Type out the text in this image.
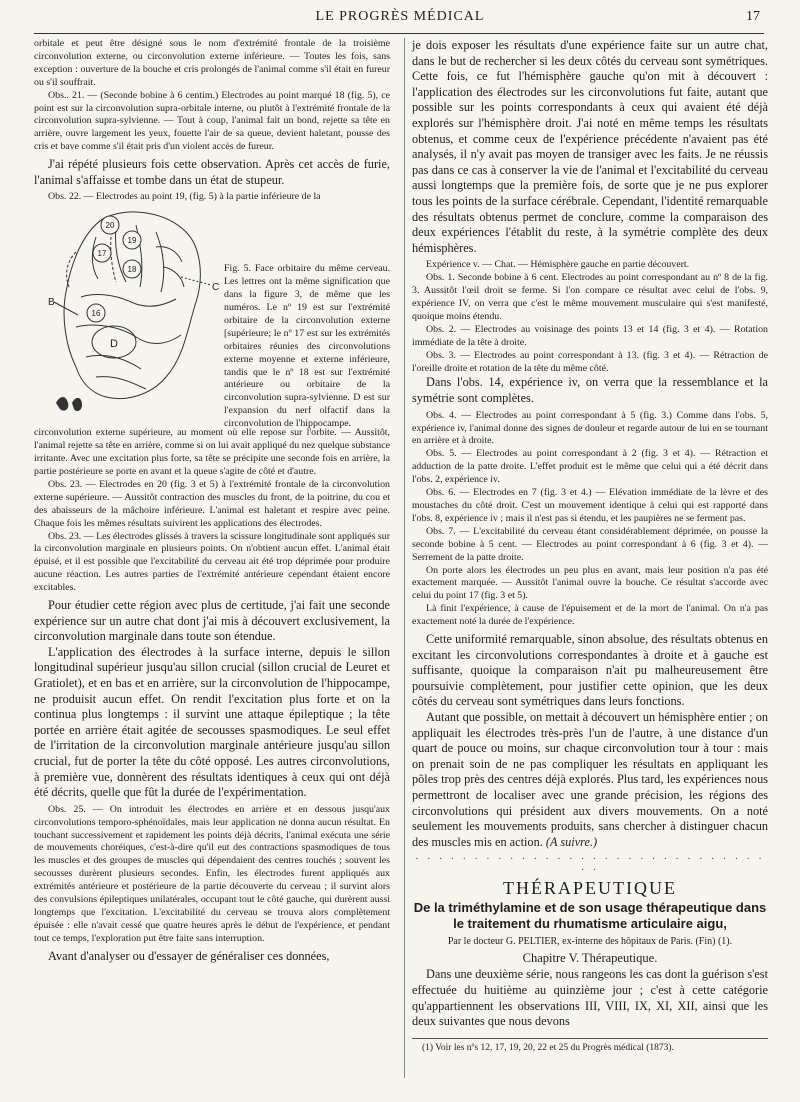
LE PROGRÈS MÉDICAL	17

orbitale et peut être désigné sous le nom d'extrémité frontale de la troisième circonvolution externe, ou circonvolution externe inférieure. — Toutes les fois, sans exception : ouverture de la bouche et cris prolongés de l'animal comme s'il était en fureur ou s'il souffrait.

Obs.. 21. — (Seconde bobine à 6 centim.) Electrodes au point marqué 18 (fig. 5), ce point est sur la circonvolution supra-orbitale interne, ou plutôt à l'extrémité frontale de la circonvolution supra-sylvienne. — Tout à coup, l'animal fait un bond, rejette sa tête en arrière, ouvre largement les yeux, fouette l'air de sa queue, devient haletant, pousse des cris et bave comme s'il était pris d'un violent accès de fureur.

J'ai répété plusieurs fois cette observation. Après cet accès de furie, l'animal s'affaisse et tombe dans un état de stupeur.

Obs. 22. — Electrodes au point 19, (fig. 5) à la partie inférieure de la

20
19
17
18
16
B
C
D

Fig. 5. Face orbitaire du même cerveau. Les lettres ont la même signification que dans la figure 3, de même que les numéros. Le nº 19 est sur l'extrémité orbitaire de la circonvolution externe [supérieure; le nº 17 est sur les extrémités orbitaires réunies des circonvolutions externe moyenne et externe inférieure, tandis que le nº 18 est sur l'extrémité antérieure ou orbitaire de la circonvolution supra-sylvienne. D est sur l'expansion du nerf olfactif dans la circonvolution de l'hippocampe.

circonvolution externe supérieure, au moment où elle repose sur l'orbite. — Aussitôt, l'animal rejette sa tête en arrière, comme si on lui avait appliqué du nez quelque substance irritante. Avec une excitation plus forte, sa tête se précipite une seconde fois en arrière, la partie postérieure se porte en avant et la queue s'agite de côté et d'autre.

Obs. 23. — Electrodes en 20 (fig. 3 et 5) à l'extrémité frontale de la circonvolution externe supérieure. — Aussitôt contraction des muscles du front, de la poitrine, du cou et des abaisseurs de la mâchoire inférieure. L'animal est haletant et respire avec peine. Chaque fois les mêmes résultats suivirent les applications des électrodes.

Obs. 23. — Les électrodes glissés à travers la scissure longitudinale sont appliqués sur la circonvolution marginale en plusieurs points. On n'obtient aucun effet. L'animal était épuisé, et il est possible que l'excitabilité du cerveau ait été trop déprimée pour produire aucune réaction. Les autres parties de l'extrémité antérieure cependant étaient encore excitables.

Pour étudier cette région avec plus de certitude, j'ai fait une seconde expérience sur un autre chat dont j'ai mis à découvert exclusivement, la circonvolution marginale dans toute son étendue.

L'application des électrodes à la surface interne, depuis le sillon longitudinal supérieur jusqu'au sillon crucial (sillon crucial de Leuret et Gratiolet), et en bas et en arrière, sur la circonvolution de l'hippocampe, ne produisit aucun effet. On rendit l'excitation plus forte et on la continua plus longtemps : il survint une attaque épileptique ; la tête portée en arrière était agitée de secousses spasmodiques. Le seul effet de l'irritation de la circonvolution marginale antérieure jusqu'au sillon crucial, fut de porter la tête du côté opposé. Les autres circonvolutions, à première vue, donnèrent des résultats identiques à ceux qui ont déjà été décrits, quelle que fût la durée de l'expérimentation.

Obs. 25. — On introduit les électrodes en arrière et en dessous jusqu'aux circonvolutions temporo-sphénoïdales, mais leur application ne donna aucun résultat. En touchant successivement et rapidement les points déjà décrits, l'animal exécuta une série de mouvements choréiques, c'est-à-dire qu'il eut des contractions spasmodiques de tous les muscles et des groupes de muscles qui dépendaient des centres touchés ; souvent les secousses durèrent plusieurs secondes. Enfin, les électrodes furent appliqués aux extrémités antérieure et postérieure de la partie découverte du cerveau ; il survint alors des convulsions épileptiques unilatérales, occupant tout le côté gauche, qui durèrent aussi longtemps que l'excitation. L'excitabilité du cerveau se trouva alors complètement épuisée : elle n'avait cessé que quatre heures après le début de l'expérience, et pendant tout ce temps, l'exploration put être faite sans interruption.

Avant d'analyser ou d'essayer de généraliser ces données,

je dois exposer les résultats d'une expérience faite sur un autre chat, dans le but de rechercher si les deux côtés du cerveau sont symétriques. Cette fois, ce fut l'hémisphère gauche qu'on mit à découvert : l'application des électrodes sur les circonvolutions fut faite, autant que possible sur les points correspondants à ceux qui avaient été déjà explorés sur l'hémisphère droit. J'ai noté en même temps les résultats obtenus, et comme ceux de l'expérience précédente n'avaient pas été analysés, il n'y avait pas moyen de transiger avec les faits. Je ne réussis pas dans ce cas à conserver la vie de l'animal et l'excitabilité du cerveau aussi longtemps que la première fois, de sorte que je ne pus explorer tous les points de la surface cérébrale. Cependant, l'identité remarquable des résultats obtenus permet de conclure, comme la comparaison des deux expériences l'établit du reste, à la symétrie complète des deux hémisphères.

Expérience v. — Chat. — Hémisphère gauche en partie découvert.

Obs. 1. Seconde bobine à 6 cent. Electrodes au point correspondant au nº 8 de la fig. 3. Aussitôt l'œil droit se ferme. Si l'on compare ce résultat avec celui de l'obs. 9, expérience IV, on verra que c'est le même mouvement musculaire qui s'est manifesté, quoique moins étendu.

Obs. 2. — Electrodes au voisinage des points 13 et 14 (fig. 3 et 4). — Rotation immédiate de la tête à droite.

Obs. 3. — Electrodes au point correspondant à 13. (fig. 3 et 4). — Rétraction de l'oreille droite et rotation de la tête du même côté.

Dans l'obs. 14, expérience iv, on verra que la ressemblance et la symétrie sont complètes.

Obs. 4. — Electrodes au point correspondant à 5 (fig. 3.) Comme dans l'obs. 5, expérience iv, l'animal donne des signes de douleur et regarde autour de lui en se tournant en arrière et à droite.

Obs. 5. — Electrodes au point correspondant à 2 (fig. 3 et 4). — Rétraction et adduction de la patte droite. L'effet produit est le même que celui qui a été décrit dans l'obs. 2, expérience iv.

Obs. 6. — Electrodes en 7 (fig. 3 et 4.) — Elévation immédiate de la lèvre et des moustaches du côté droit. C'est un mouvement identique à celui qui est rapporté dans l'obs. 8, expérience iv ; mais il n'est pas si étendu, et les paupières ne se ferment pas.

Obs. 7. — L'excitabilité du cerveau étant considérablement déprimée, on pousse la seconde bobine à 5 cent. — Electrodes au point correspondant à 6 (fig. 3 et 4). — Serrement de la patte droite.

On porte alors les électrodes un peu plus en avant, mais leur position n'a pas été exactement marquée. — Aussitôt l'animal ouvre la bouche. Ce résultat s'accorde avec celui du point 17 (fig. 3 et 5).

Là finit l'expérience, à cause de l'épuisement et de la mort de l'animal. On n'a pas exactement noté la durée de l'expérience.

Cette uniformité remarquable, sinon absolue, des résultats obtenus en excitant les circonvolutions correspondantes à droite et à gauche est suffisante, quoique la comparaison n'ait pu malheureusement être poursuivie complètement, pour justifier cette opinion, que les deux côtés du cerveau sont symétriques dans leurs fonctions.

Autant que possible, on mettait à découvert un hémisphère entier ; on appliquait les électrodes très-près l'un de l'autre, à une distance d'un quart de pouce ou moins, sur chaque circonvolution tour à tour : mais on prenait soin de ne pas compliquer les résultats en appliquant les pôles trop près des centres déjà explorés. Plus tard, les expériences nous permettront de localiser avec une grande précision, les régions des circonvolutions qui président aux divers mouvements. On a noté seulement les mouvements produits, sans chercher à distinguer chacun des muscles mis en action. (A suivre.)

· · · · · · · · · · · · · · · · · · · · · · · · · · · · · · · ·
THÉRAPEUTIQUE
De la triméthylamine et de son usage thérapeutique dans le traitement du rhumatisme articulaire aigu,
Par le docteur G. PELTIER, ex-interne des hôpitaux de Paris. (Fin) (1).
Chapitre V. Thérapeutique.

Dans une deuxième série, nous rangeons les cas dont la guérison s'est effectuée du huitième au quinzième jour ; c'est à cette catégorie qu'appartiennent les observations III, VIII, IX, XI, XII, ainsi que les deux suivantes que nous devons

(1) Voir les nºs 12, 17, 19, 20, 22 et 25 du Progrès médical (1873).
